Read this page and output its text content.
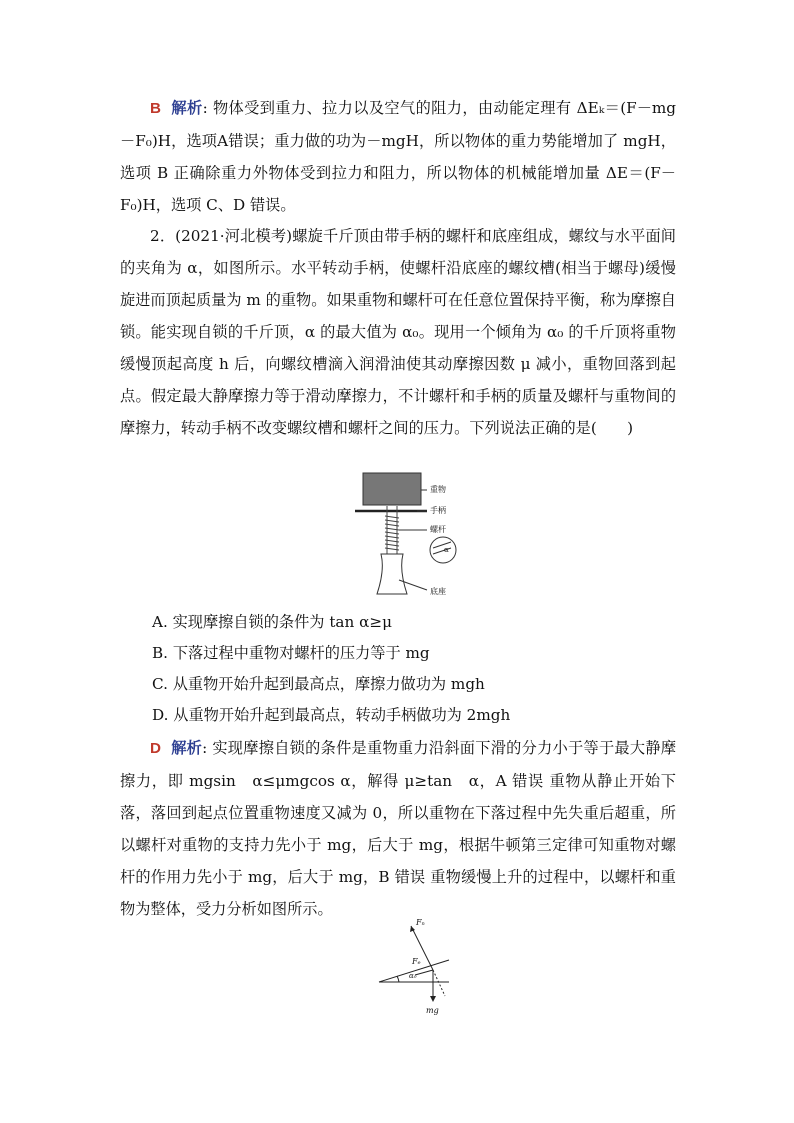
B 解析: 物体受到重力、拉力以及空气的阻力，由动能定理有 ΔEₖ＝(F－mg－F₀)H，选项A错误；重力做的功为－mgH，所以物体的重力势能增加了 mgH，选项 B 正确除重力外物体受到拉力和阻力，所以物体的机械能增加量 ΔE＝(F－F₀)H，选项 C、D 错误。
2．(2021·河北模考)螺旋千斤顶由带手柄的螺杆和底座组成，螺纹与水平面间的夹角为 α，如图所示。水平转动手柄，使螺杆沿底座的螺纹槽(相当于螺母)缓慢旋进而顶起质量为 m 的重物。如果重物和螺杆可在任意位置保持平衡，称为摩擦自锁。能实现自锁的千斤顶，α 的最大值为 α₀。现用一个倾角为 α₀ 的千斤顶将重物缓慢顶起高度 h 后，向螺纹槽滴入润滑油使其动摩擦因数 μ 减小，重物回落到起点。假定最大静摩擦力等于滑动摩擦力，不计螺杆和手柄的质量及螺杆与重物间的摩擦力，转动手柄不改变螺纹槽和螺杆之间的压力。下列说法正确的是(　　)
重物
手柄
螺杆
底座
α
A. 实现摩擦自锁的条件为 tan α≥μ
B. 下落过程中重物对螺杆的压力等于 mg
C. 从重物开始升起到最高点，摩擦力做功为 mgh
D. 从重物开始升起到最高点，转动手柄做功为 2mgh
D 解析: 实现摩擦自锁的条件是重物重力沿斜面下滑的分力小于等于最大静摩擦力，即 mgsin　α≤μmgcos α，解得 μ≥tan　α，A 错误 重物从静止开始下落，落回到起点位置重物速度又减为 0，所以重物在下落过程中先失重后超重，所以螺杆对重物的支持力先小于 mg，后大于 mg，根据牛顿第三定律可知重物对螺杆的作用力先小于 mg，后大于 mg，B 错误 重物缓慢上升的过程中，以螺杆和重物为整体，受力分析如图所示。
Fₙ
Fₑ
α₀
mg
